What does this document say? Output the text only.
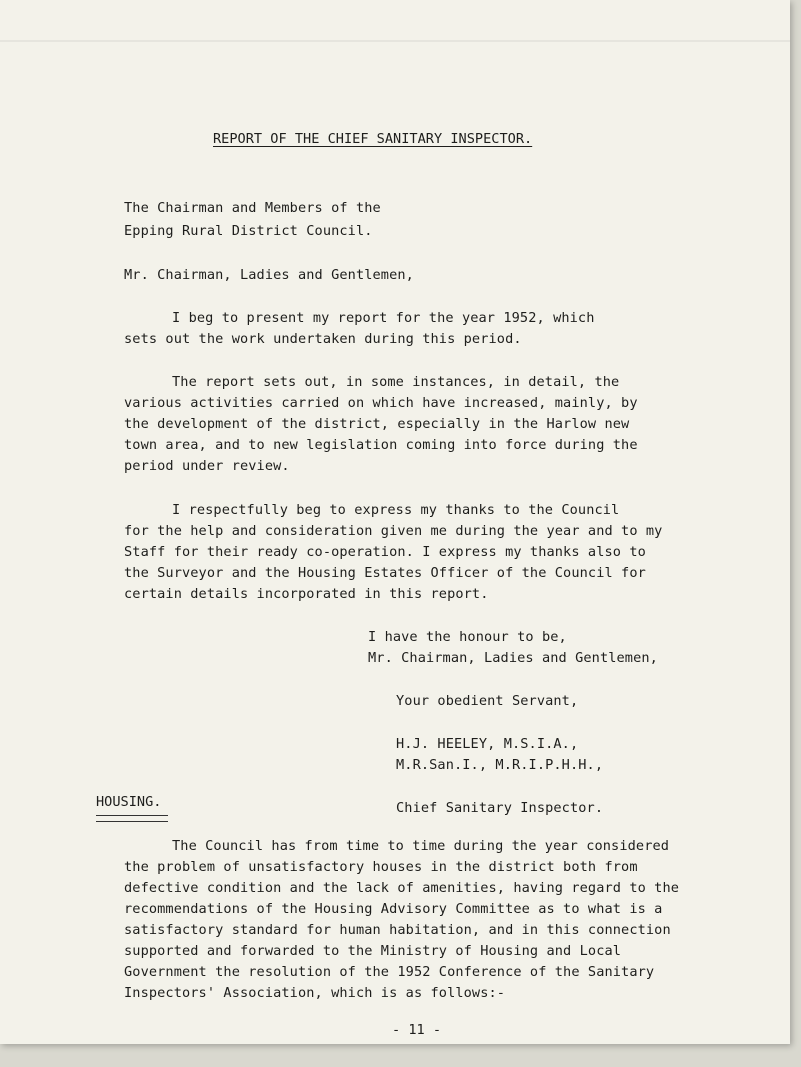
REPORT OF THE CHIEF SANITARY INSPECTOR.
The Chairman and Members of the
Epping Rural District Council.
Mr. Chairman, Ladies and Gentlemen,
I beg to present my report for the year 1952, which
sets out the work undertaken during this period.
The report sets out, in some instances, in detail, the
various activities carried on which have increased, mainly, by
the development of the district, especially in the Harlow new
town area, and to new legislation coming into force during the
period under review.
I respectfully beg to express my thanks to the Council
for the help and consideration given me during the year and to my
Staff for their ready co-operation. I express my thanks also to
the Surveyor and the Housing Estates Officer of the Council for
certain details incorporated in this report.
I have the honour to be,
Mr. Chairman, Ladies and Gentlemen,
Your obedient Servant,
H.J. HEELEY, M.S.I.A.,
M.R.San.I., M.R.I.P.H.H.,
Chief Sanitary Inspector.
HOUSING.
The Council has from time to time during the year considered
the problem of unsatisfactory houses in the district both from
defective condition and the lack of amenities, having regard to the
recommendations of the Housing Advisory Committee as to what is a
satisfactory standard for human habitation, and in this connection
supported and forwarded to the Ministry of Housing and Local
Government the resolution of the 1952 Conference of the Sanitary
Inspectors' Association, which is as follows:-
- 11 -
